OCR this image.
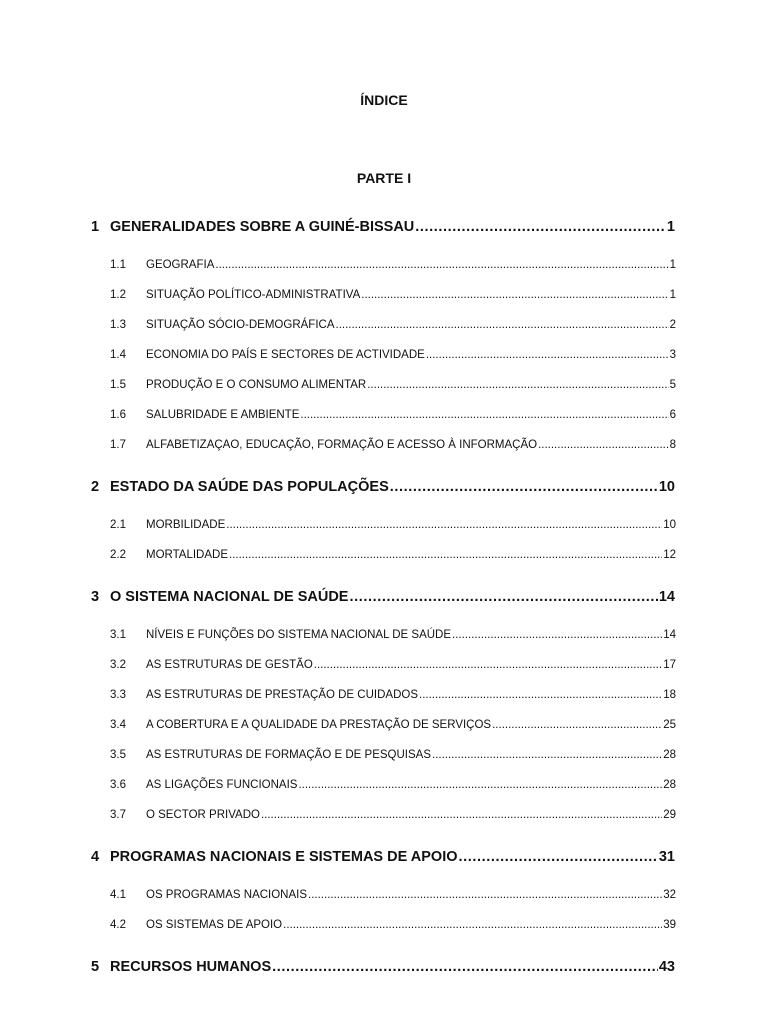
ÍNDICE
PARTE I
1 GENERALIDADES SOBRE A GUINÉ-BISSAU .....	1
1.1	GEOGRAFIA .....	1
1.2	SITUAÇÃO POLÍTICO-ADMINISTRATIVA .....	1
1.3	SITUAÇÃO SÓCIO-DEMOGRÁFICA .....	2
1.4	ECONOMIA DO PAÍS E SECTORES DE ACTIVIDADE .....	3
1.5	PRODUÇÃO E O CONSUMO ALIMENTAR .....	5
1.6	SALUBRIDADE E AMBIENTE .....	6
1.7	ALFABETIZAÇAO, EDUCAÇÃO, FORMAÇÃO E ACESSO À INFORMAÇÃO .....	8
2 ESTADO DA SAÚDE DAS POPULAÇÕES .....	10
2.1	MORBILIDADE .....	10
2.2	MORTALIDADE .....	12
3 O SISTEMA NACIONAL DE SAÚDE .....	14
3.1	NÍVEIS E FUNÇÕES DO SISTEMA NACIONAL DE SAÚDE .....	14
3.2	AS ESTRUTURAS DE GESTÃO .....	17
3.3	AS ESTRUTURAS DE PRESTAÇÃO DE CUIDADOS .....	18
3.4	A COBERTURA E A QUALIDADE DA PRESTAÇÃO DE SERVIÇOS .....	25
3.5	AS ESTRUTURAS DE FORMAÇÃO E DE PESQUISAS .....	28
3.6	AS LIGAÇÕES FUNCIONAIS .....	28
3.7	O SECTOR PRIVADO .....	29
4 PROGRAMAS NACIONAIS E SISTEMAS DE APOIO .....	31
4.1	OS PROGRAMAS NACIONAIS .....	32
4.2	OS SISTEMAS DE APOIO .....	39
5 RECURSOS HUMANOS .....	43
